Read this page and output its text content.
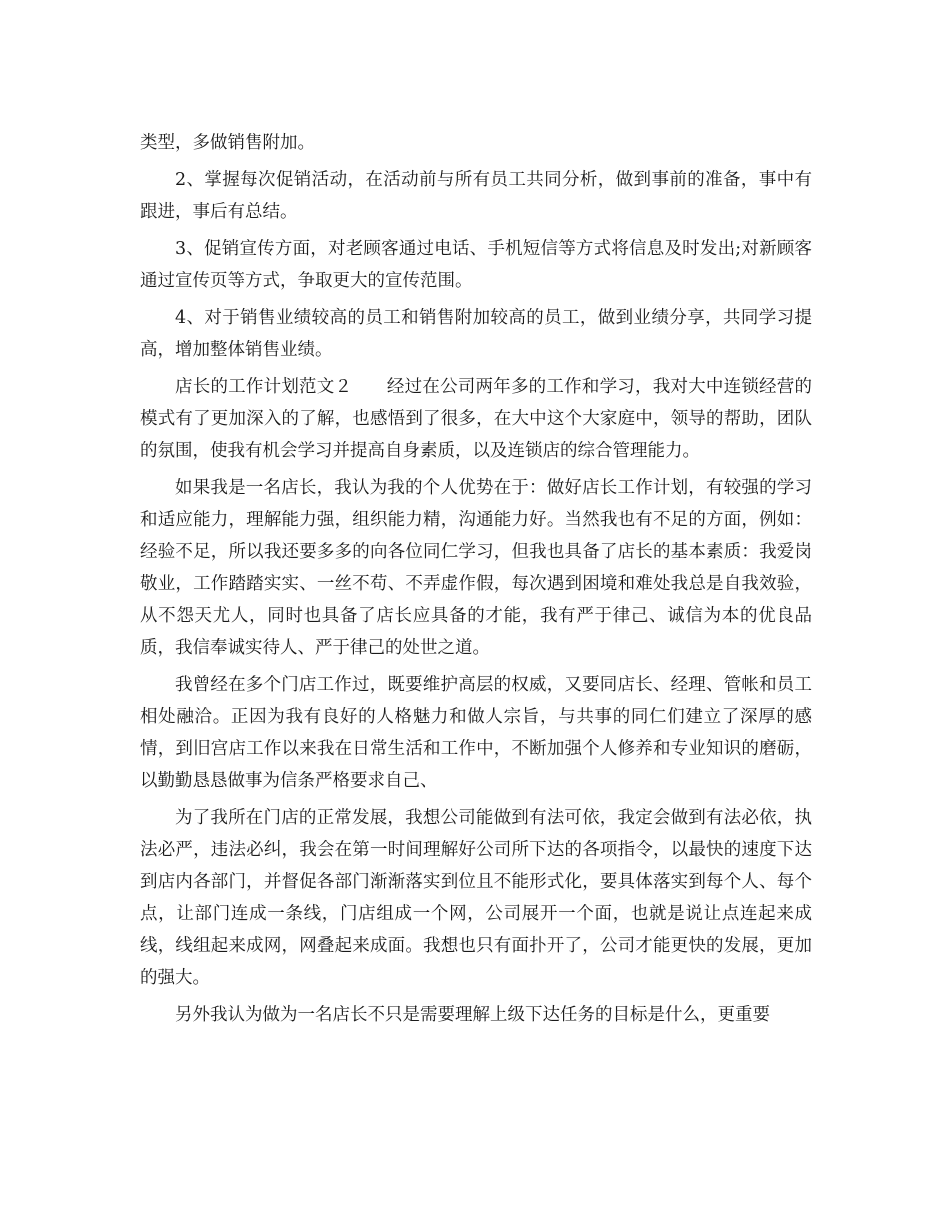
类型，多做销售附加。

2、掌握每次促销活动，在活动前与所有员工共同分析，做到事前的准备，事中有跟进，事后有总结。

3、促销宣传方面，对老顾客通过电话、手机短信等方式将信息及时发出;对新顾客通过宣传页等方式，争取更大的宣传范围。

4、对于销售业绩较高的员工和销售附加较高的员工，做到业绩分享，共同学习提高，增加整体销售业绩。

店长的工作计划范文２      经过在公司两年多的工作和学习，我对大中连锁经营的模式有了更加深入的了解，也感悟到了很多，在大中这个大家庭中，领导的帮助，团队的氛围，使我有机会学习并提高自身素质，以及连锁店的综合管理能力。

如果我是一名店长，我认为我的个人优势在于：做好店长工作计划，有较强的学习和适应能力，理解能力强，组织能力精，沟通能力好。当然我也有不足的方面，例如：经验不足，所以我还要多多的向各位同仁学习，但我也具备了店长的基本素质：我爱岗敬业，工作踏踏实实、一丝不苟、不弄虚作假，每次遇到困境和难处我总是自我效验，从不怨天尤人，同时也具备了店长应具备的才能，我有严于律己、诚信为本的优良品质，我信奉诚实待人、严于律己的处世之道。

我曾经在多个门店工作过，既要维护高层的权威，又要同店长、经理、管帐和员工相处融洽。正因为我有良好的人格魅力和做人宗旨，与共事的同仁们建立了深厚的感情，到旧宫店工作以来我在日常生活和工作中，不断加强个人修养和专业知识的磨砺，以勤勤恳恳做事为信条严格要求自己、

为了我所在门店的正常发展，我想公司能做到有法可依，我定会做到有法必依，执法必严，违法必纠，我会在第一时间理解好公司所下达的各项指令，以最快的速度下达到店内各部门，并督促各部门渐渐落实到位且不能形式化，要具体落实到每个人、每个点，让部门连成一条线，门店组成一个网，公司展开一个面，也就是说让点连起来成线，线组起来成网，网叠起来成面。我想也只有面扑开了，公司才能更快的发展，更加的强大。

另外我认为做为一名店长不只是需要理解上级下达任务的目标是什么，更重要
